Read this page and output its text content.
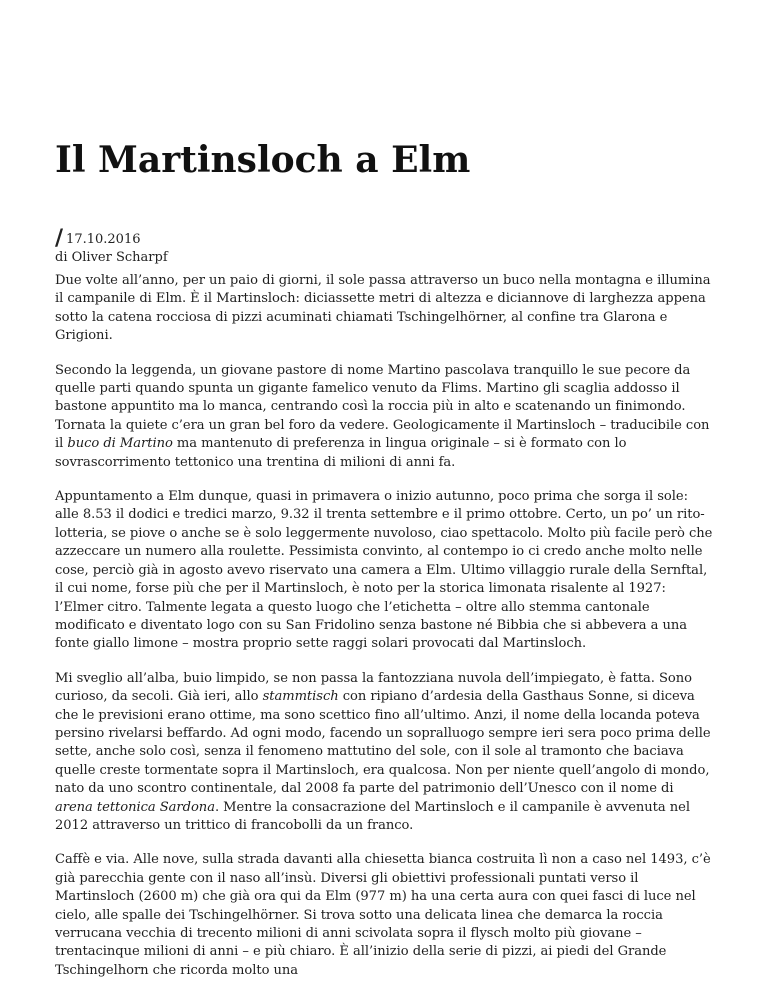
Il Martinsloch a Elm
/ 17.10.2016
di Oliver Scharpf

Due volte all’anno, per un paio di giorni, il sole passa attraverso un buco nella montagna e illumina il campanile di Elm. È il Martinsloch: diciassette metri di altezza e diciannove di larghezza appena sotto la catena rocciosa di pizzi acuminati chiamati Tschingelhörner, al confine tra Glarona e Grigioni.

Secondo la leggenda, un giovane pastore di nome Martino pascolava tranquillo le sue pecore da quelle parti quando spunta un gigante famelico venuto da Flims. Martino gli scaglia addosso il bastone appuntito ma lo manca, centrando così la roccia più in alto e scatenando un finimondo. Tornata la quiete c’era un gran bel foro da vedere. Geologicamente il Martinsloch – traducibile con il buco di Martino ma mantenuto di preferenza in lingua originale – si è formato con lo sovrascorrimento tettonico una trentina di milioni di anni fa.

Appuntamento a Elm dunque, quasi in primavera o inizio autunno, poco prima che sorga il sole: alle 8.53 il dodici e tredici marzo, 9.32 il trenta settembre e il primo ottobre. Certo, un po’ un rito-lotteria, se piove o anche se è solo leggermente nuvoloso, ciao spettacolo. Molto più facile però che azzeccare un numero alla roulette. Pessimista convinto, al contempo io ci credo anche molto nelle cose, perciò già in agosto avevo riservato una camera a Elm. Ultimo villaggio rurale della Sernftal, il cui nome, forse più che per il Martinsloch, è noto per la storica limonata risalente al 1927: l’Elmer citro. Talmente legata a questo luogo che l’etichetta – oltre allo stemma cantonale modificato e diventato logo con su San Fridolino senza bastone né Bibbia che si abbevera a una fonte giallo limone – mostra proprio sette raggi solari provocati dal Martinsloch.

Mi sveglio all’alba, buio limpido, se non passa la fantozziana nuvola dell’impiegato, è fatta. Sono curioso, da secoli. Già ieri, allo stammtisch con ripiano d’ardesia della Gasthaus Sonne, si diceva che le previsioni erano ottime, ma sono scettico fino all’ultimo. Anzi, il nome della locanda poteva persino rivelarsi beffardo. Ad ogni modo, facendo un sopralluogo sempre ieri sera poco prima delle sette, anche solo così, senza il fenomeno mattutino del sole, con il sole al tramonto che baciava quelle creste tormentate sopra il Martinsloch, era qualcosa. Non per niente quell’angolo di mondo, nato da uno scontro continentale, dal 2008 fa parte del patrimonio dell’Unesco con il nome di arena tettonica Sardona. Mentre la consacrazione del Martinsloch e il campanile è avvenuta nel 2012 attraverso un trittico di francobolli da un franco.

Caffè e via. Alle nove, sulla strada davanti alla chiesetta bianca costruita lì non a caso nel 1493, c’è già parecchia gente con il naso all’insù. Diversi gli obiettivi professionali puntati verso il Martinsloch (2600 m) che già ora qui da Elm (977 m) ha una certa aura con quei fasci di luce nel cielo, alle spalle dei Tschingelhörner. Si trova sotto una delicata linea che demarca la roccia verrucana vecchia di trecento milioni di anni scivolata sopra il flysch molto più giovane – trentacinque milioni di anni – e più chiaro. È all’inizio della serie di pizzi, ai piedi del Grande Tschingelhorn che ricorda molto una
